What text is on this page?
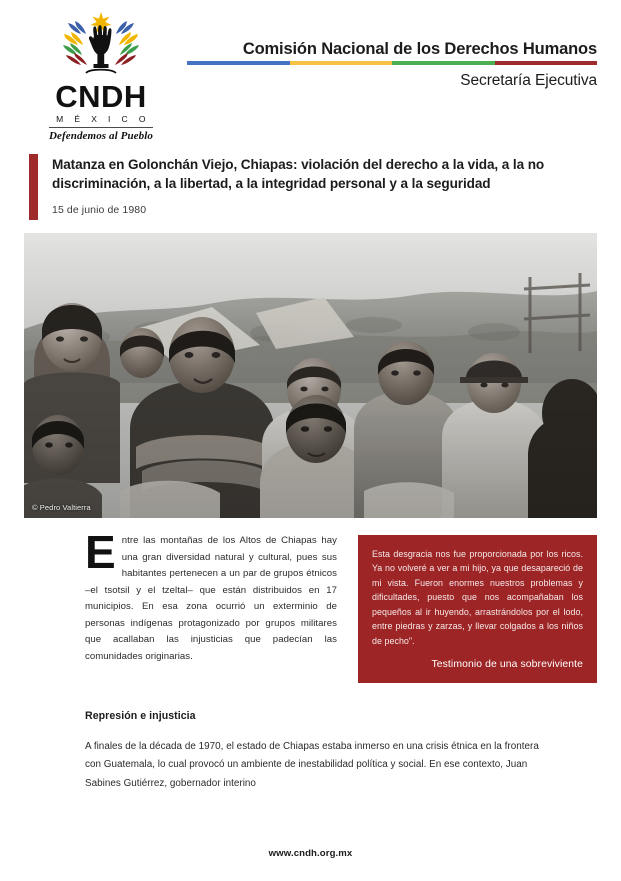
CNDH
M É X I C O
Defendemos al Pueblo
Comisión Nacional de los Derechos Humanos
Secretaría Ejecutiva
Matanza en Golonchán Viejo, Chiapas: violación del derecho a la vida, a la no discriminación, a la libertad, a la integridad personal y a la seguridad
15 de junio de 1980
© Pedro Valtierra

Entre las montañas de los Altos de Chiapas hay una gran diversidad natural y cultural, pues sus habitantes pertenecen a un par de grupos étnicos –el tsotsil y el tzeltal– que están distribuidos en 17 municipios. En esa zona ocurrió un exterminio de personas indígenas protagonizado por grupos militares que acallaban las injusticias que padecían las comunidades originarias.

Esta desgracia nos fue proporcionada por los ricos. Ya no volveré a ver a mi hijo, ya que desapareció de mi vista. Fueron enormes nuestros problemas y dificultades, puesto que nos acompañaban los pequeños al ir huyendo, arrastrándolos por el lodo, entre piedras y zarzas, y llevar colgados a los niños de pecho".

Testimonio de una sobreviviente

Represión e injusticia

A finales de la década de 1970, el estado de Chiapas estaba inmerso en una crisis étnica en la frontera con Guatemala, lo cual provocó un ambiente de inestabilidad política y social. En ese contexto, Juan Sabines Gutiérrez, gobernador interino

www.cndh.org.mx
